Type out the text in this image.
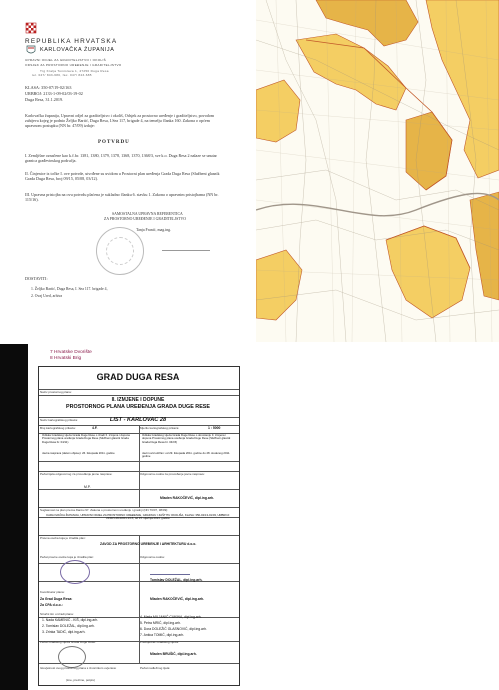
REPUBLIKA HRVATSKA
KARLOVAČKA ŽUPANIJA
UPRAVNI ODJEL ZA GRADITELJSTVO I OKOLIŠ
ODSJEK ZA PROSTORNO UREĐENJE I GRADITELJSTVO
Trg Kralja Tomislava 1, 47250 Duga Resa
tel. 047/ 843-680, fax. 047/ 843-685
KLASA: 350-07/19-02/163
URBROJ: 2133-1-09-02/03-19-02
Duga Resa, 31.1.2019.
Karlovačka županija, Upravni odjel za graditeljstvo i okoliš, Odsjek za prostorno uređenje i graditeljstvo, povodom zahtjeva kojeg je podnio Željko Bartić, Duga Resa, I.Sea 117, brigade 4, na temelju članka 160. Zakona o općem upravnom postupku (NN br. 47/09) izdaje:
POTVRDU
I. Zemljišne označene kao k.č.br. 1381, 1380, 1379, 1378, 1368, 1370, 1368/3, sve k.o. Duga Resa 2 nalaze se unutar granica građevinskog područja.
II. Činjenice iz točke I. ove potvrde, utvrđene su uvidom u Prostorni plan uređenja Grada Duga Resa (Službeni glasnik Grada Duga Resa, broj 09/15, 05/08, 03/12).
III. Upravna pristojba na ovu potvrdu plaćena je sukladno članku 6. stavku 1. Zakona o upravnim pristojbama (NN br. 115/16).
SAMOSTALNA UPRAVNA REFERENTICA
ZA PROSTORNO UREĐENJE I GRADITELJSTVO
Tanja Franić, mag.ing.
DOSTAVITI:
1. Željko Bartić, Duga Resa, I. Sea 117. brigade 4,
2. Ovaj Ured, arhiva
7 Hrvatske Dvorište
8 Hrvatski Brig
GRAD DUGA RESA
Naziv prostornog plana:
II. IZMJENE I DOPUNE
PROSTORNOG PLANA UREĐENJA GRADA DUGE RESE
Naziv kartografskog prikaza:	LIST - KARLOVAC 28
Broj kartografskog prikaza:	4.F.	Mjerilo kartografskog prikaza:	1 : 5000
Odluka Gradskog vijeća Grada Duge Rese o izradi II. izmjena i dopuna Prostornog plana uređenja Grada Duga Rese (Službeni glasnik Grada Duga Resa br. 04/11)
Odluka Gradskog vijeća Grada Duge Rese o donošenju II. izmjena i dopuna Prostornog plana uređenja Grada Duge Rese (Službeni glasnik Grada Duga Resa br. 04/15)
Javna rasprava (datum objave): 26. listopada 2011. godine	Javni uvid održan: od 29. listopada 2011. godine do 28. studenog 2011. godine
Pečat tijela odgovornog za provođenje javne rasprave:	Odgovorna osoba za provođenje javne rasprave:
M.P.
Mladen RAKOČEVIĆ, dipl.ing.arh.
Suglasnost na plan prema članku 97. Zakona o prostornom uređenju i gradnji (NN 76/07, 38/09):
KARLOVAČKA ŽUPANIJA, UPRAVNI ODJEL ZA PROSTORNO UREĐENJE, GRADNJU I ZAŠTITU OKOLIŠA, KLASA: 350-02/13-01/03, URBROJ: 2133/1-09-02/01-13-5, od 15. siječnja 2013. godine
Pravna osoba koja je izradila plan:
ZAVOD ZA PROSTORNO UREĐENJE I ARHITEKTURU d.o.o.
Pečat pravne osobe koja je izradila plan:	Odgovorna osoba:
Tomislav DOLEŽAL, dipl.ing.arh.
Koordinator plana:
Za Grad Duga Resa:
Za CPA d.o.o.:
Mladen RAKOČEVIĆ, dipl.ing.arh.
Stručni tim u izradi plana:
1. Nada KAMENIĆ - KIŠ, dipl.ing.arh.
2. Tomislav DOLEŽAL, dipl.ing.arh.
3. Zrinka TADIĆ, dipl.ing.arh.
4. Maša MILJANIĆ CUKINA, dipl.ing.arh.
5. Petra MRIĆ, dipl.ing.arh.
6. Dora DOLEŽIĆ GLASNOVIĆ, dipl.ing.arh.
7. Antica TOMIĆ, dipl.ing.arh.
Pečat Gradskog vijeća Grada Duge Rese:	Predsjednik Gradskog vijeća:
Mladen BRUŠIĆ, dipl.ing.arh.
Istovjetnost ovog prostornog plana s izvornikom ovjerava:	Pečat nadležnog tijela:
(ime, prezime, potpis)
